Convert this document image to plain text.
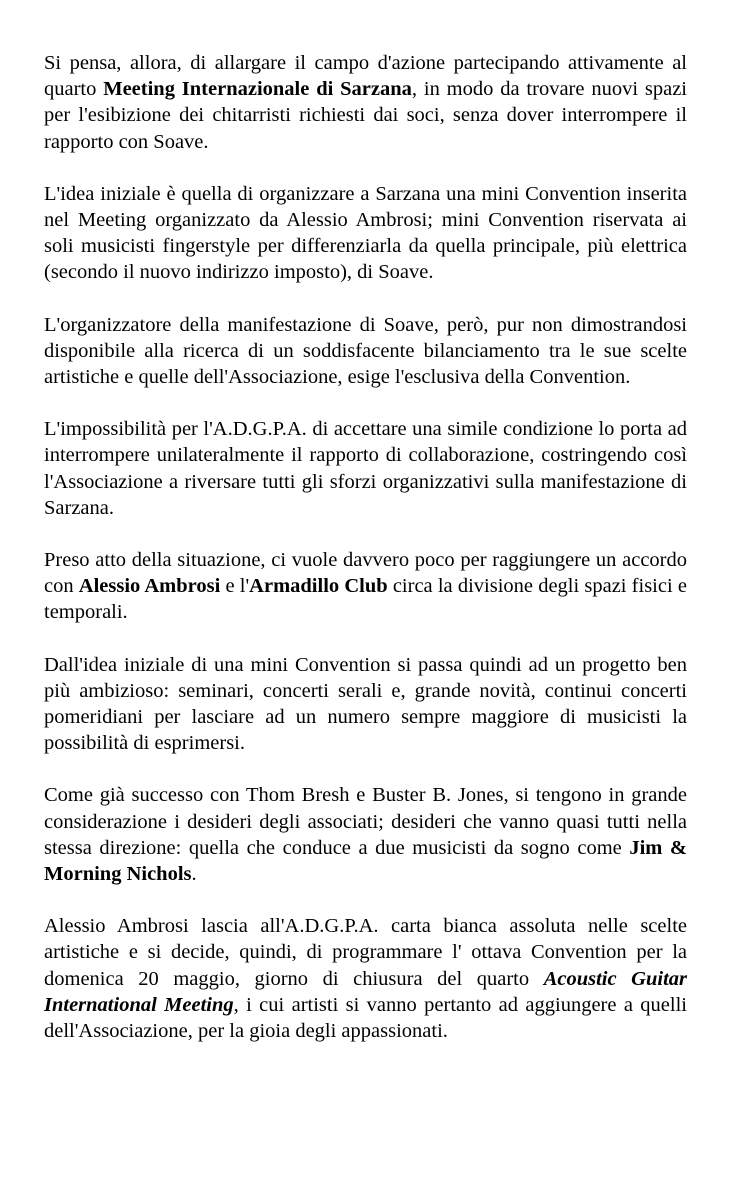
Si pensa, allora, di allargare il campo d'azione partecipando attivamente al quarto Meeting Internazionale di Sarzana, in modo da trovare nuovi spazi per l'esibizione dei chitarristi richiesti dai soci, senza dover interrompere il rapporto con Soave.

L'idea iniziale è quella di organizzare a Sarzana una mini Convention inserita nel Meeting organizzato da Alessio Ambrosi; mini Convention riservata ai soli musicisti fingerstyle per differenziarla da quella principale, più elettrica (secondo il nuovo indirizzo imposto), di Soave.

L'organizzatore della manifestazione di Soave, però, pur non dimostrandosi disponibile alla ricerca di un soddisfacente bilanciamento tra le sue scelte artistiche e quelle dell'Associazione, esige l'esclusiva della Convention.

L'impossibilità per l'A.D.G.P.A. di accettare una simile condizione lo porta ad interrompere unilateralmente il rapporto di collaborazione, costringendo così l'Associazione a riversare tutti gli sforzi organizzativi sulla manifestazione di Sarzana.

Preso atto della situazione, ci vuole davvero poco per raggiungere un accordo con Alessio Ambrosi e l'Armadillo Club circa la divisione degli spazi fisici e temporali.

Dall'idea iniziale di una mini Convention si passa quindi ad un progetto ben più ambizioso: seminari, concerti serali e, grande novità, continui concerti pomeridiani per lasciare ad un numero sempre maggiore di musicisti la possibilità di esprimersi.

Come già successo con Thom Bresh e Buster B. Jones, si tengono in grande considerazione i desideri degli associati; desideri che vanno quasi tutti nella stessa direzione: quella che conduce a due musicisti da sogno come Jim & Morning Nichols.

Alessio Ambrosi lascia all'A.D.G.P.A. carta bianca assoluta nelle scelte artistiche e si decide, quindi, di programmare l' ottava Convention per la domenica 20 maggio, giorno di chiusura del quarto Acoustic Guitar International Meeting, i cui artisti si vanno pertanto ad aggiungere a quelli dell'Associazione, per la gioia degli appassionati.
